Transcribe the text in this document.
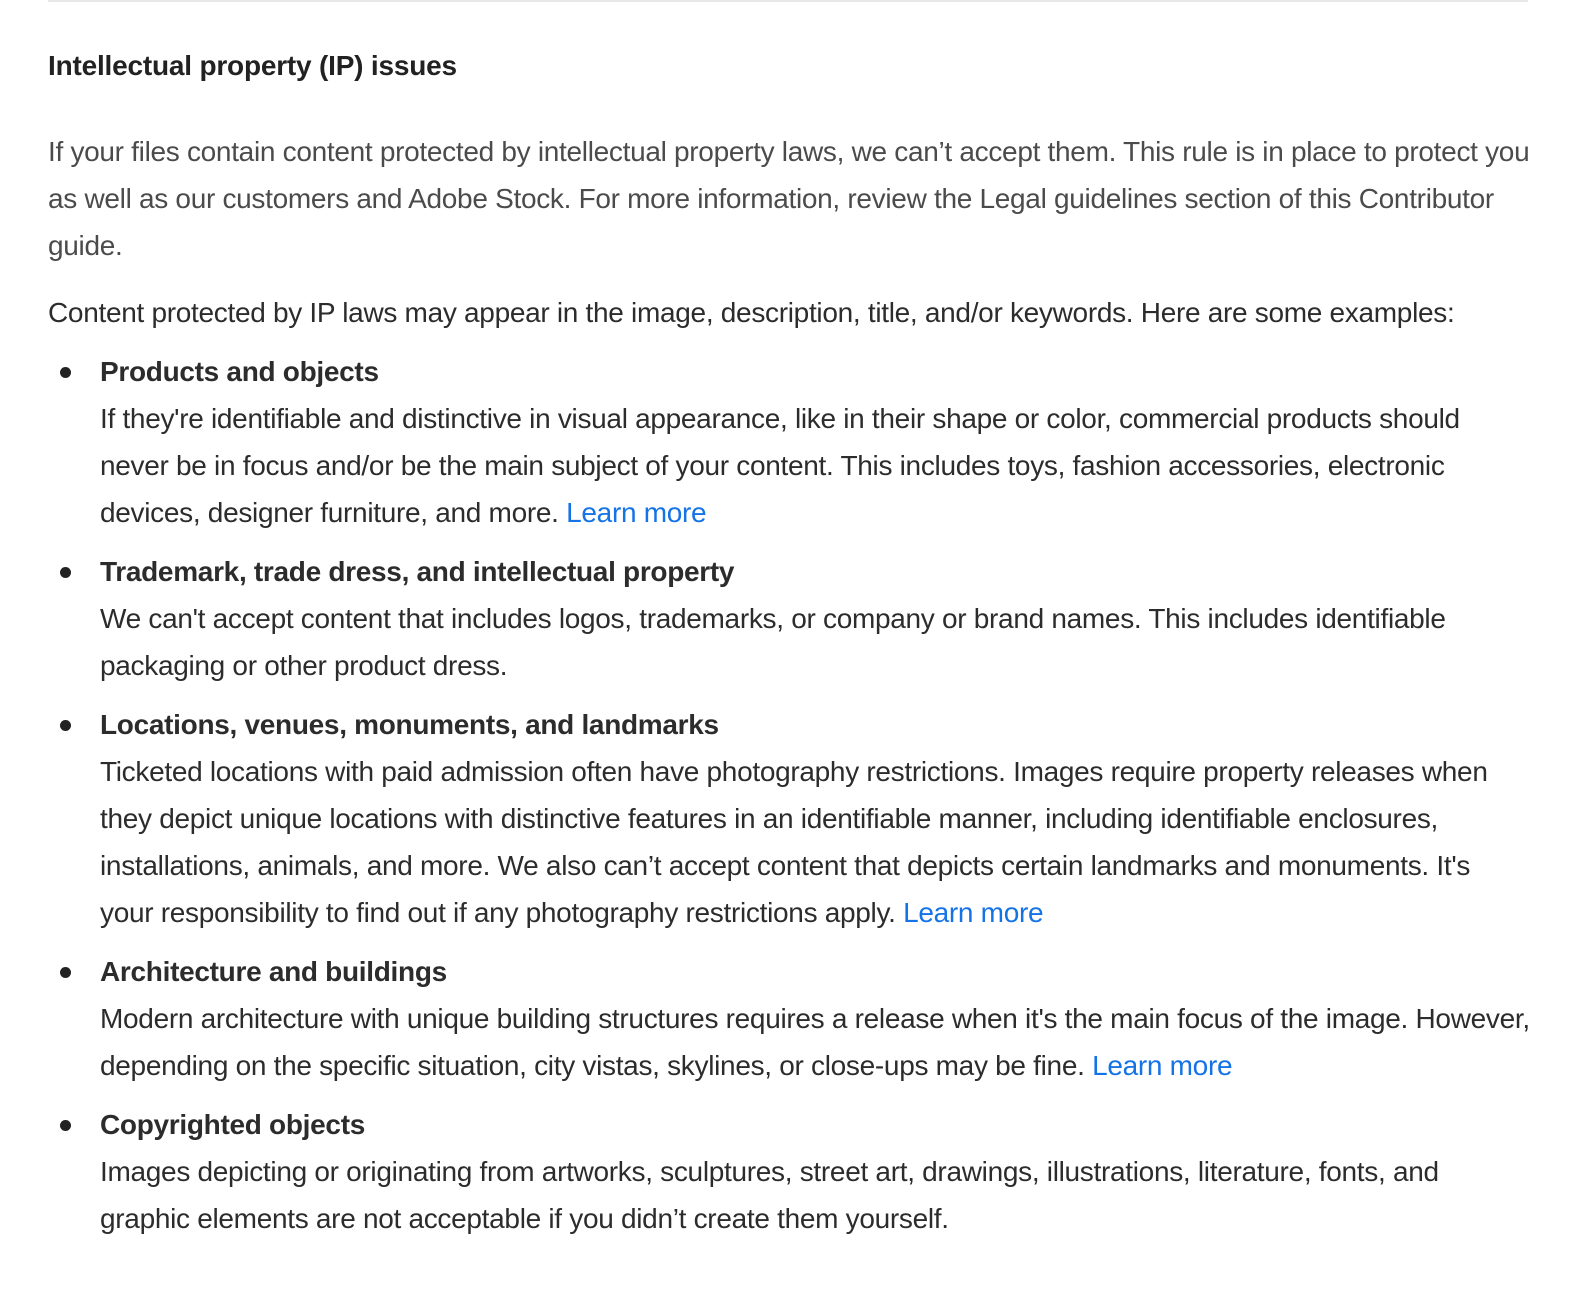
Intellectual property (IP) issues

If your files contain content protected by intellectual property laws, we can’t accept them. This rule is in place to protect you as well as our customers and Adobe Stock. For more information, review the Legal guidelines section of this Contributor guide.

Content protected by IP laws may appear in the image, description, title, and/or keywords. Here are some examples:

Products and objects
If they're identifiable and distinctive in visual appearance, like in their shape or color, commercial products should never be in focus and/or be the main subject of your content. This includes toys, fashion accessories, electronic devices, designer furniture, and more. Learn more
Trademark, trade dress, and intellectual property
We can't accept content that includes logos, trademarks, or company or brand names. This includes identifiable packaging or other product dress.
Locations, venues, monuments, and landmarks
Ticketed locations with paid admission often have photography restrictions. Images require property releases when they depict unique locations with distinctive features in an identifiable manner, including identifiable enclosures, installations, animals, and more. We also can’t accept content that depicts certain landmarks and monuments. It's your responsibility to find out if any photography restrictions apply. Learn more
Architecture and buildings
Modern architecture with unique building structures requires a release when it's the main focus of the image. However, depending on the specific situation, city vistas, skylines, or close-ups may be fine. Learn more
Copyrighted objects
Images depicting or originating from artworks, sculptures, street art, drawings, illustrations, literature, fonts, and graphic elements are not acceptable if you didn’t create them yourself.
